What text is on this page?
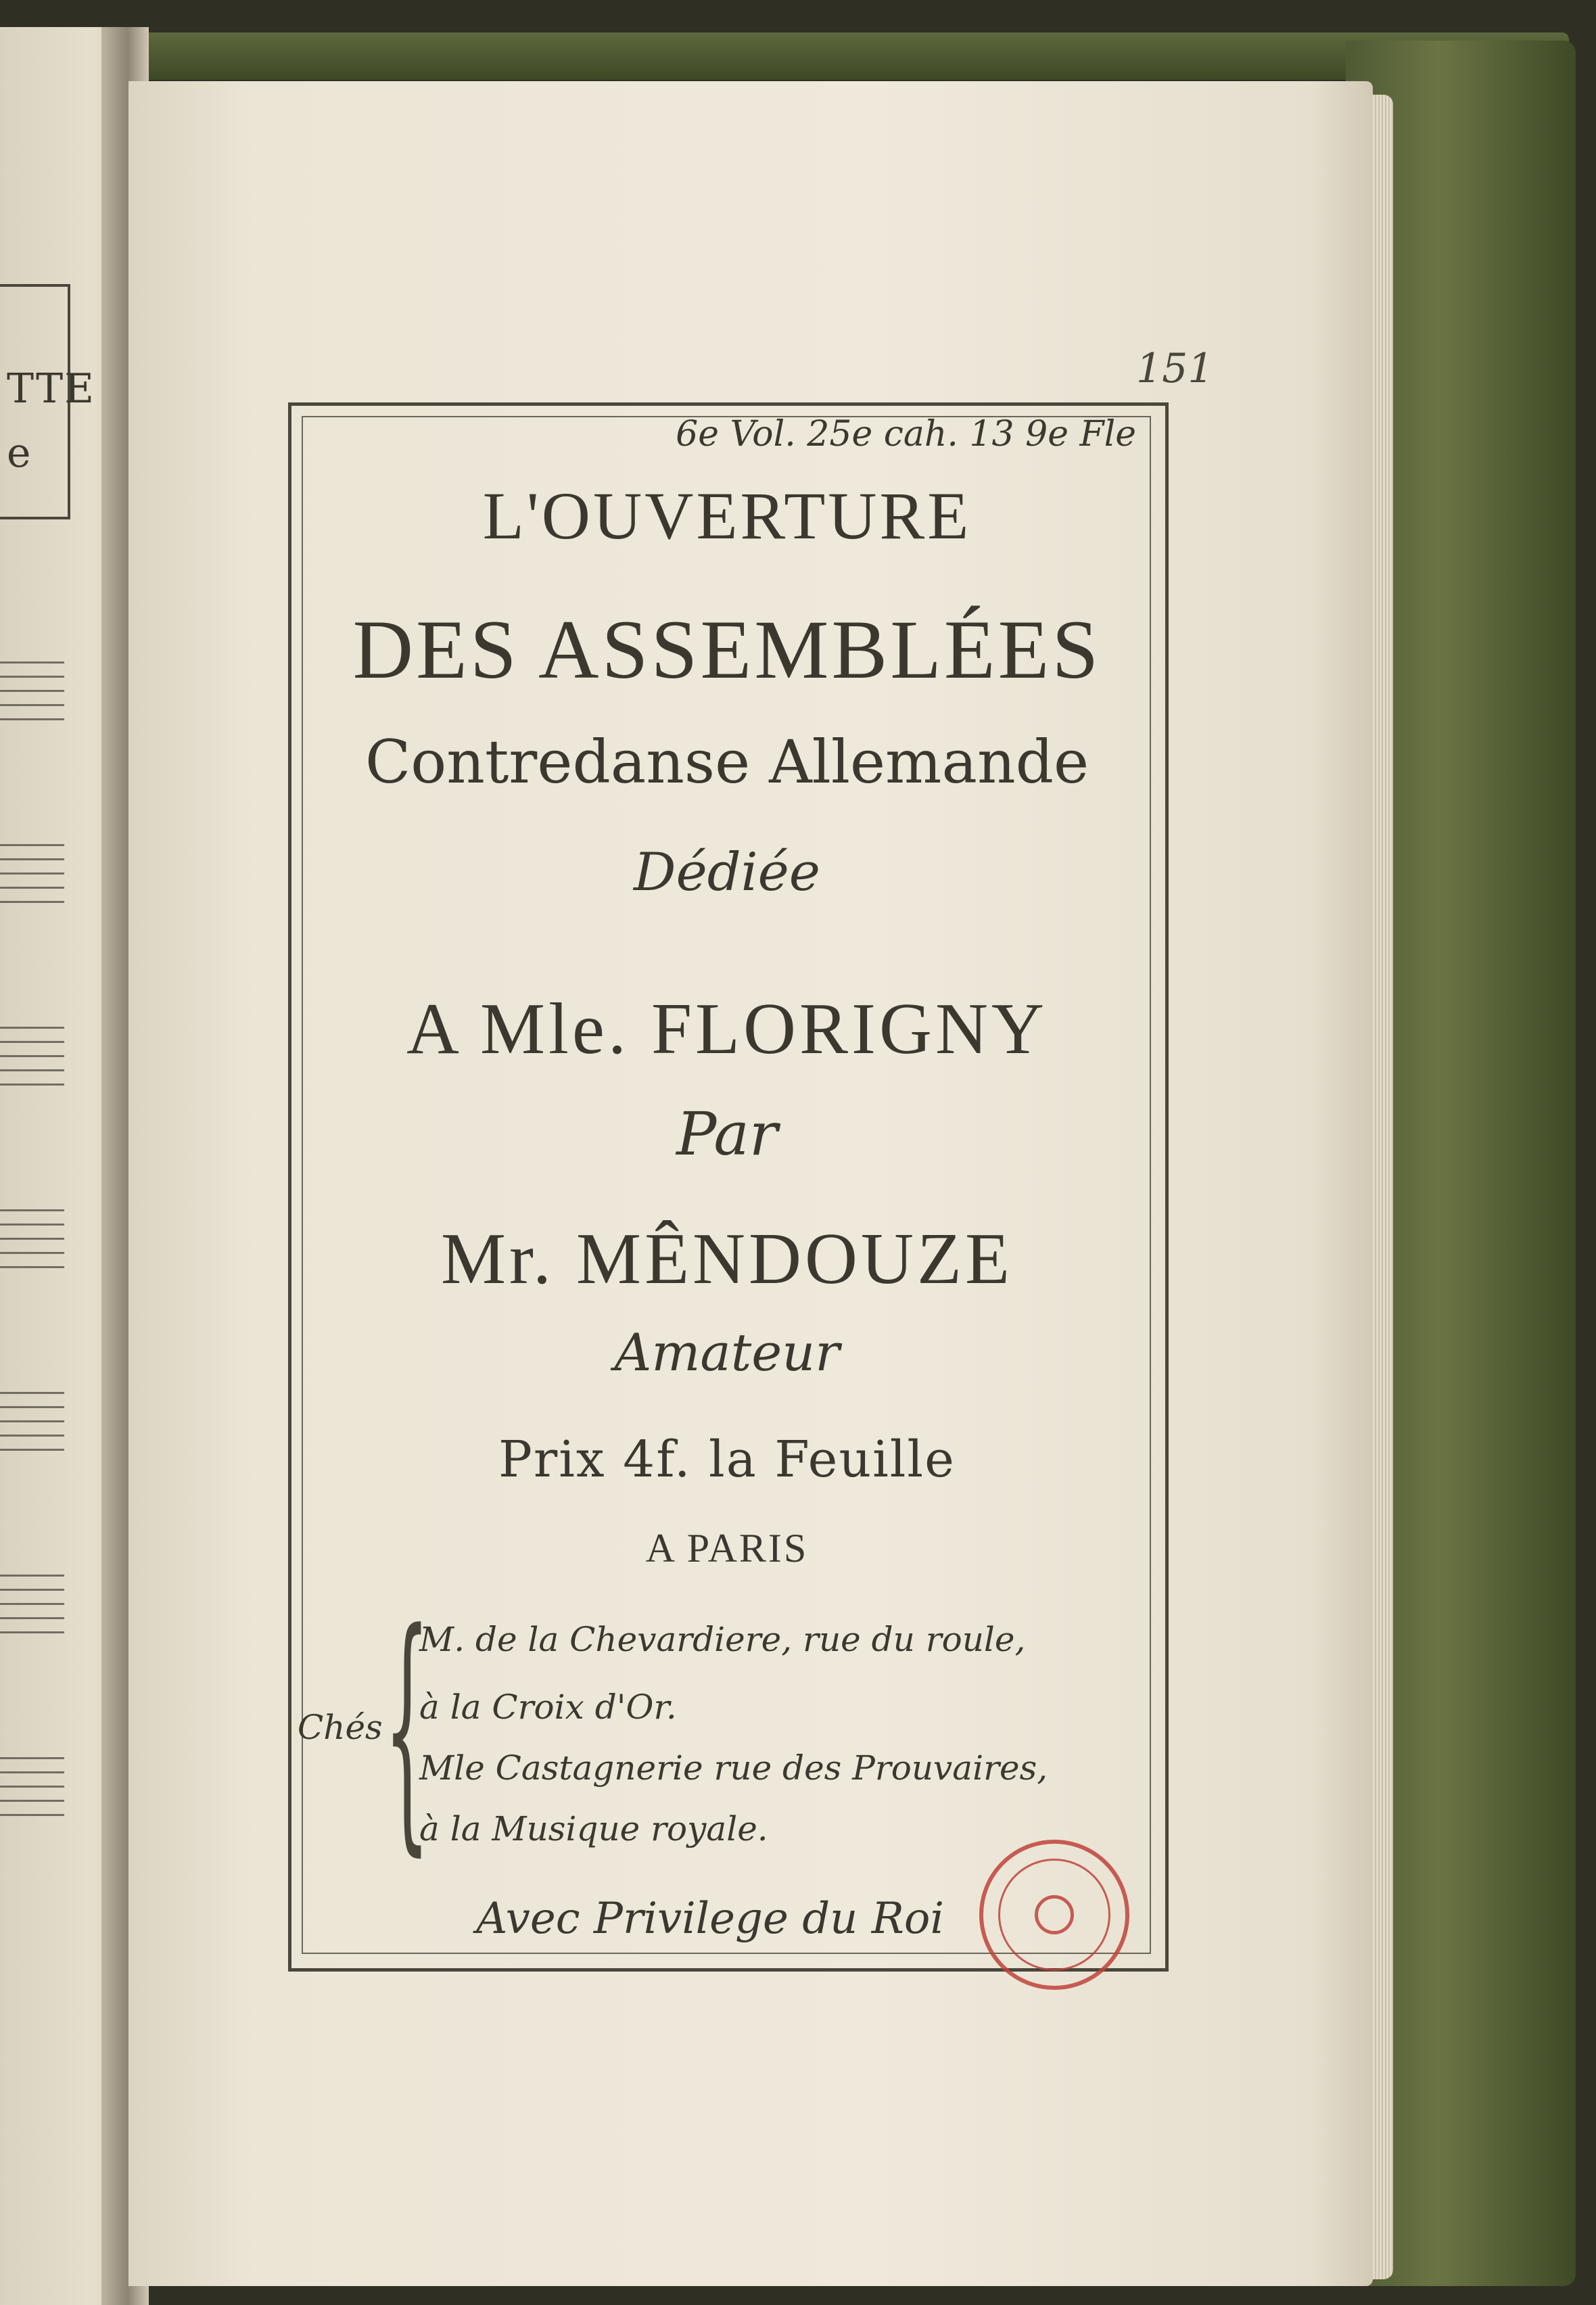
TTE
e
151
6e Vol. 25e cah. 13 9e Fle
L'OUVERTURE
DES ASSEMBLÉES
Contredanse Allemande
Dédiée
A Mle. FLORIGNY
Par
Mr. MÊNDOUZE
Amateur
Prix 4f. la Feuille
A PARIS
Chés {
M. de la Chevardiere, rue du roule,
à la Croix d'Or.
Mle Castagnerie rue des Prouvaires,
à la Musique royale.
Avec Privilege du Roi
